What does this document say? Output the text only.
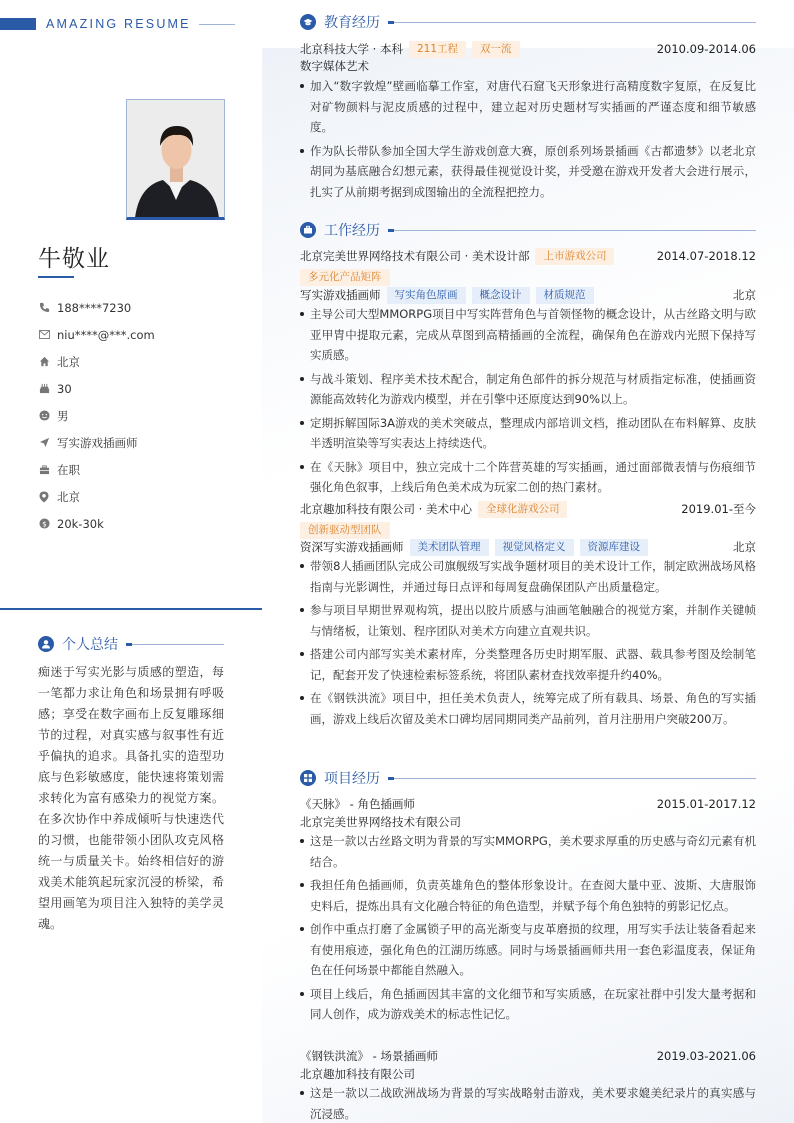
AMAZING RESUME
牛敬业
188****7230
niu****@***.com
北京
30
男
写实游戏插画师
在职
北京
$ 20k-30k
个人总结

痴迷于写实光影与质感的塑造，每一笔都力求让角色和场景拥有呼吸感；享受在数字画布上反复雕琢细节的过程，对真实感与叙事性有近乎偏执的追求。具备扎实的造型功底与色彩敏感度，能快速将策划需求转化为富有感染力的视觉方案。在多次协作中养成倾听与快速迭代的习惯，也能带领小团队攻克风格统一与质量关卡。始终相信好的游戏美术能筑起玩家沉浸的桥梁，希望用画笔为项目注入独特的美学灵魂。

教育经历
北京科技大学 · 本科	211工程	双一流	2010.09-2014.06
数字媒体艺术
加入“数字敦煌”壁画临摹工作室，对唐代石窟飞天形象进行高精度数字复原，在反复比对矿物颜料与泥皮质感的过程中，建立起对历史题材写实插画的严谨态度和细节敏感度。
作为队长带队参加全国大学生游戏创意大赛，原创系列场景插画《古都遗梦》以老北京胡同为基底融合幻想元素，获得最佳视觉设计奖，并受邀在游戏开发者大会进行展示，扎实了从前期考据到成图输出的全流程把控力。
工作经历
北京完美世界网络技术有限公司 · 美术设计部	上市游戏公司	2014.07-2018.12
多元化产品矩阵
写实游戏插画师	写实角色原画	概念设计	材质规范	北京
主导公司大型MMORPG项目中写实阵营角色与首领怪物的概念设计，从古丝路文明与欧亚甲胄中提取元素，完成从草图到高精插画的全流程，确保角色在游戏内光照下保持写实质感。
与战斗策划、程序美术技术配合，制定角色部件的拆分规范与材质指定标准，使插画资源能高效转化为游戏内模型，并在引擎中还原度达到90%以上。
定期拆解国际3A游戏的美术突破点，整理成内部培训文档，推动团队在布料解算、皮肤半透明渲染等写实表达上持续迭代。
在《天脉》项目中，独立完成十二个阵营英雄的写实插画，通过面部微表情与伤痕细节强化角色叙事，上线后角色美术成为玩家二创的热门素材。
北京趣加科技有限公司 · 美术中心	全球化游戏公司	2019.01-至今
创新驱动型团队
资深写实游戏插画师	美术团队管理	视觉风格定义	资源库建设	北京
带领8人插画团队完成公司旗舰级写实战争题材项目的美术设计工作，制定欧洲战场风格指南与光影调性，并通过每日点评和每周复盘确保团队产出质量稳定。
参与项目早期世界观构筑，提出以胶片质感与油画笔触融合的视觉方案，并制作关键帧与情绪板，让策划、程序团队对美术方向建立直观共识。
搭建公司内部写实美术素材库，分类整理各历史时期军服、武器、载具参考图及绘制笔记，配套开发了快速检索标签系统，将团队素材查找效率提升约40%。
在《钢铁洪流》项目中，担任美术负责人，统筹完成了所有载具、场景、角色的写实插画，游戏上线后次留及美术口碑均居同期同类产品前列，首月注册用户突破200万。
项目经历
《天脉》 - 角色插画师	2015.01-2017.12
北京完美世界网络技术有限公司
这是一款以古丝路文明为背景的写实MMORPG，美术要求厚重的历史感与奇幻元素有机结合。
我担任角色插画师，负责英雄角色的整体形象设计。在查阅大量中亚、波斯、大唐服饰史料后，提炼出具有文化融合特征的角色造型，并赋予每个角色独特的剪影记忆点。
创作中重点打磨了金属锁子甲的高光渐变与皮革磨损的纹理，用写实手法让装备看起来有使用痕迹，强化角色的江湖历练感。同时与场景插画师共用一套色彩温度表，保证角色在任何场景中都能自然融入。
项目上线后，角色插画因其丰富的文化细节和写实质感，在玩家社群中引发大量考据和同人创作，成为游戏美术的标志性记忆。
《钢铁洪流》 - 场景插画师	2019.03-2021.06
北京趣加科技有限公司
这是一款以二战欧洲战场为背景的写实战略射击游戏，美术要求媲美纪录片的真实感与沉浸感。
